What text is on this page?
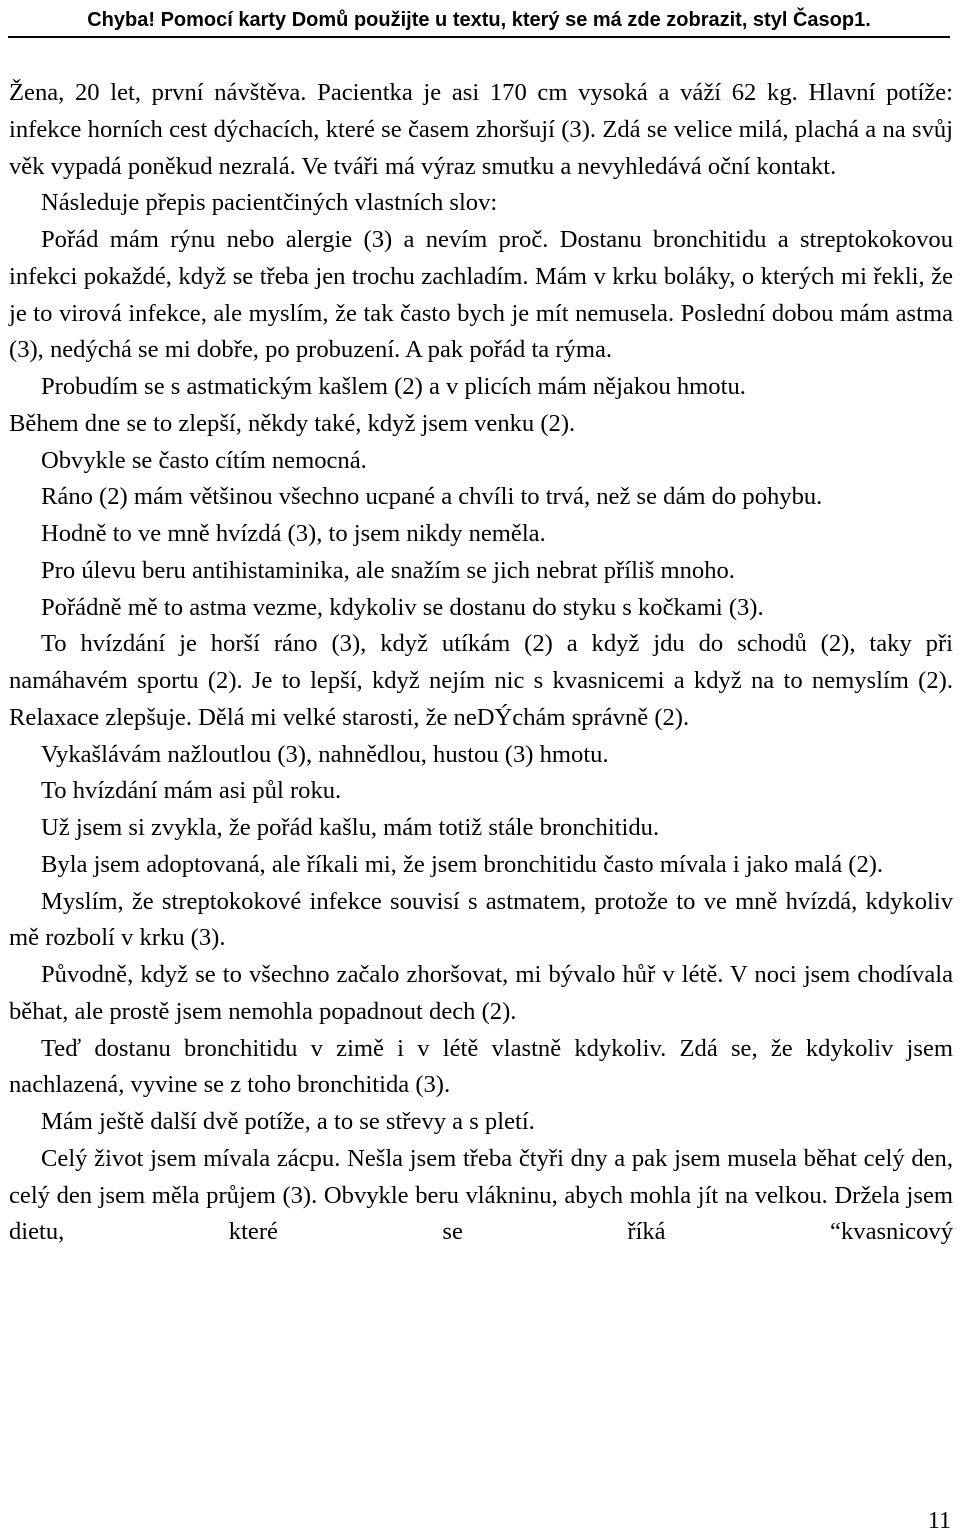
Chyba! Pomocí karty Domů použijte u textu, který se má zde zobrazit, styl Časop1.

Žena, 20 let, první návštěva. Pacientka je asi 170 cm vysoká a váží 62 kg. Hlavní potíže: infekce horních cest dýchacích, které se časem zhoršují (3). Zdá se velice milá, plachá a na svůj věk vypadá poněkud nezralá. Ve tváři má výraz smutku a nevyhledává oční kontakt.

Následuje přepis pacientčiných vlastních slov:

Pořád mám rýnu nebo alergie (3) a nevím proč. Dostanu bronchitidu a streptokokovou infekci pokaždé, když se třeba jen trochu zachladím. Mám v krku boláky, o kterých mi řekli, že je to virová infekce, ale myslím, že tak často bych je mít nemusela. Poslední dobou mám astma (3), nedýchá se mi dobře, po probuzení. A pak pořád ta rýma.

Probudím se s astmatickým kašlem (2) a v plicích mám nějakou hmotu.

Během dne se to zlepší, někdy také, když jsem venku (2).

Obvykle se často cítím nemocná.

Ráno (2) mám většinou všechno ucpané a chvíli to trvá, než se dám do pohybu.

Hodně to ve mně hvízdá (3), to jsem nikdy neměla.

Pro úlevu beru antihistaminika, ale snažím se jich nebrat příliš mnoho.

Pořádně mě to astma vezme, kdykoliv se dostanu do styku s kočkami (3).

To hvízdání je horší ráno (3), když utíkám (2) a když jdu do schodů (2), taky při namáhavém sportu (2). Je to lepší, když nejím nic s kvasnicemi a když na to nemyslím (2). Relaxace zlepšuje. Dělá mi velké starosti, že neDÝchám správně (2).

Vykašlávám nažloutlou (3), nahnědlou, hustou (3) hmotu.

To hvízdání mám asi půl roku.

Už jsem si zvykla, že pořád kašlu, mám totiž stále bronchitidu.

Byla jsem adoptovaná, ale říkali mi, že jsem bronchitidu často mívala i jako malá (2).

Myslím, že streptokokové infekce souvisí s astmatem, protože to ve mně hvízdá, kdykoliv mě rozbolí v krku (3).

Původně, když se to všechno začalo zhoršovat, mi bývalo hůř v létě. V noci jsem chodívala běhat, ale prostě jsem nemohla popadnout dech (2).

Teď dostanu bronchitidu v zimě i v létě vlastně kdykoliv. Zdá se, že kdykoliv jsem nachlazená, vyvine se z toho bronchitida (3).

Mám ještě další dvě potíže, a to se střevy a s pletí.

Celý život jsem mívala zácpu. Nešla jsem třeba čtyři dny a pak jsem musela běhat celý den, celý den jsem měla průjem (3). Obvykle beru vlákninu, abych mohla jít na velkou. Držela jsem dietu, které se říká “kvasnicový

11
